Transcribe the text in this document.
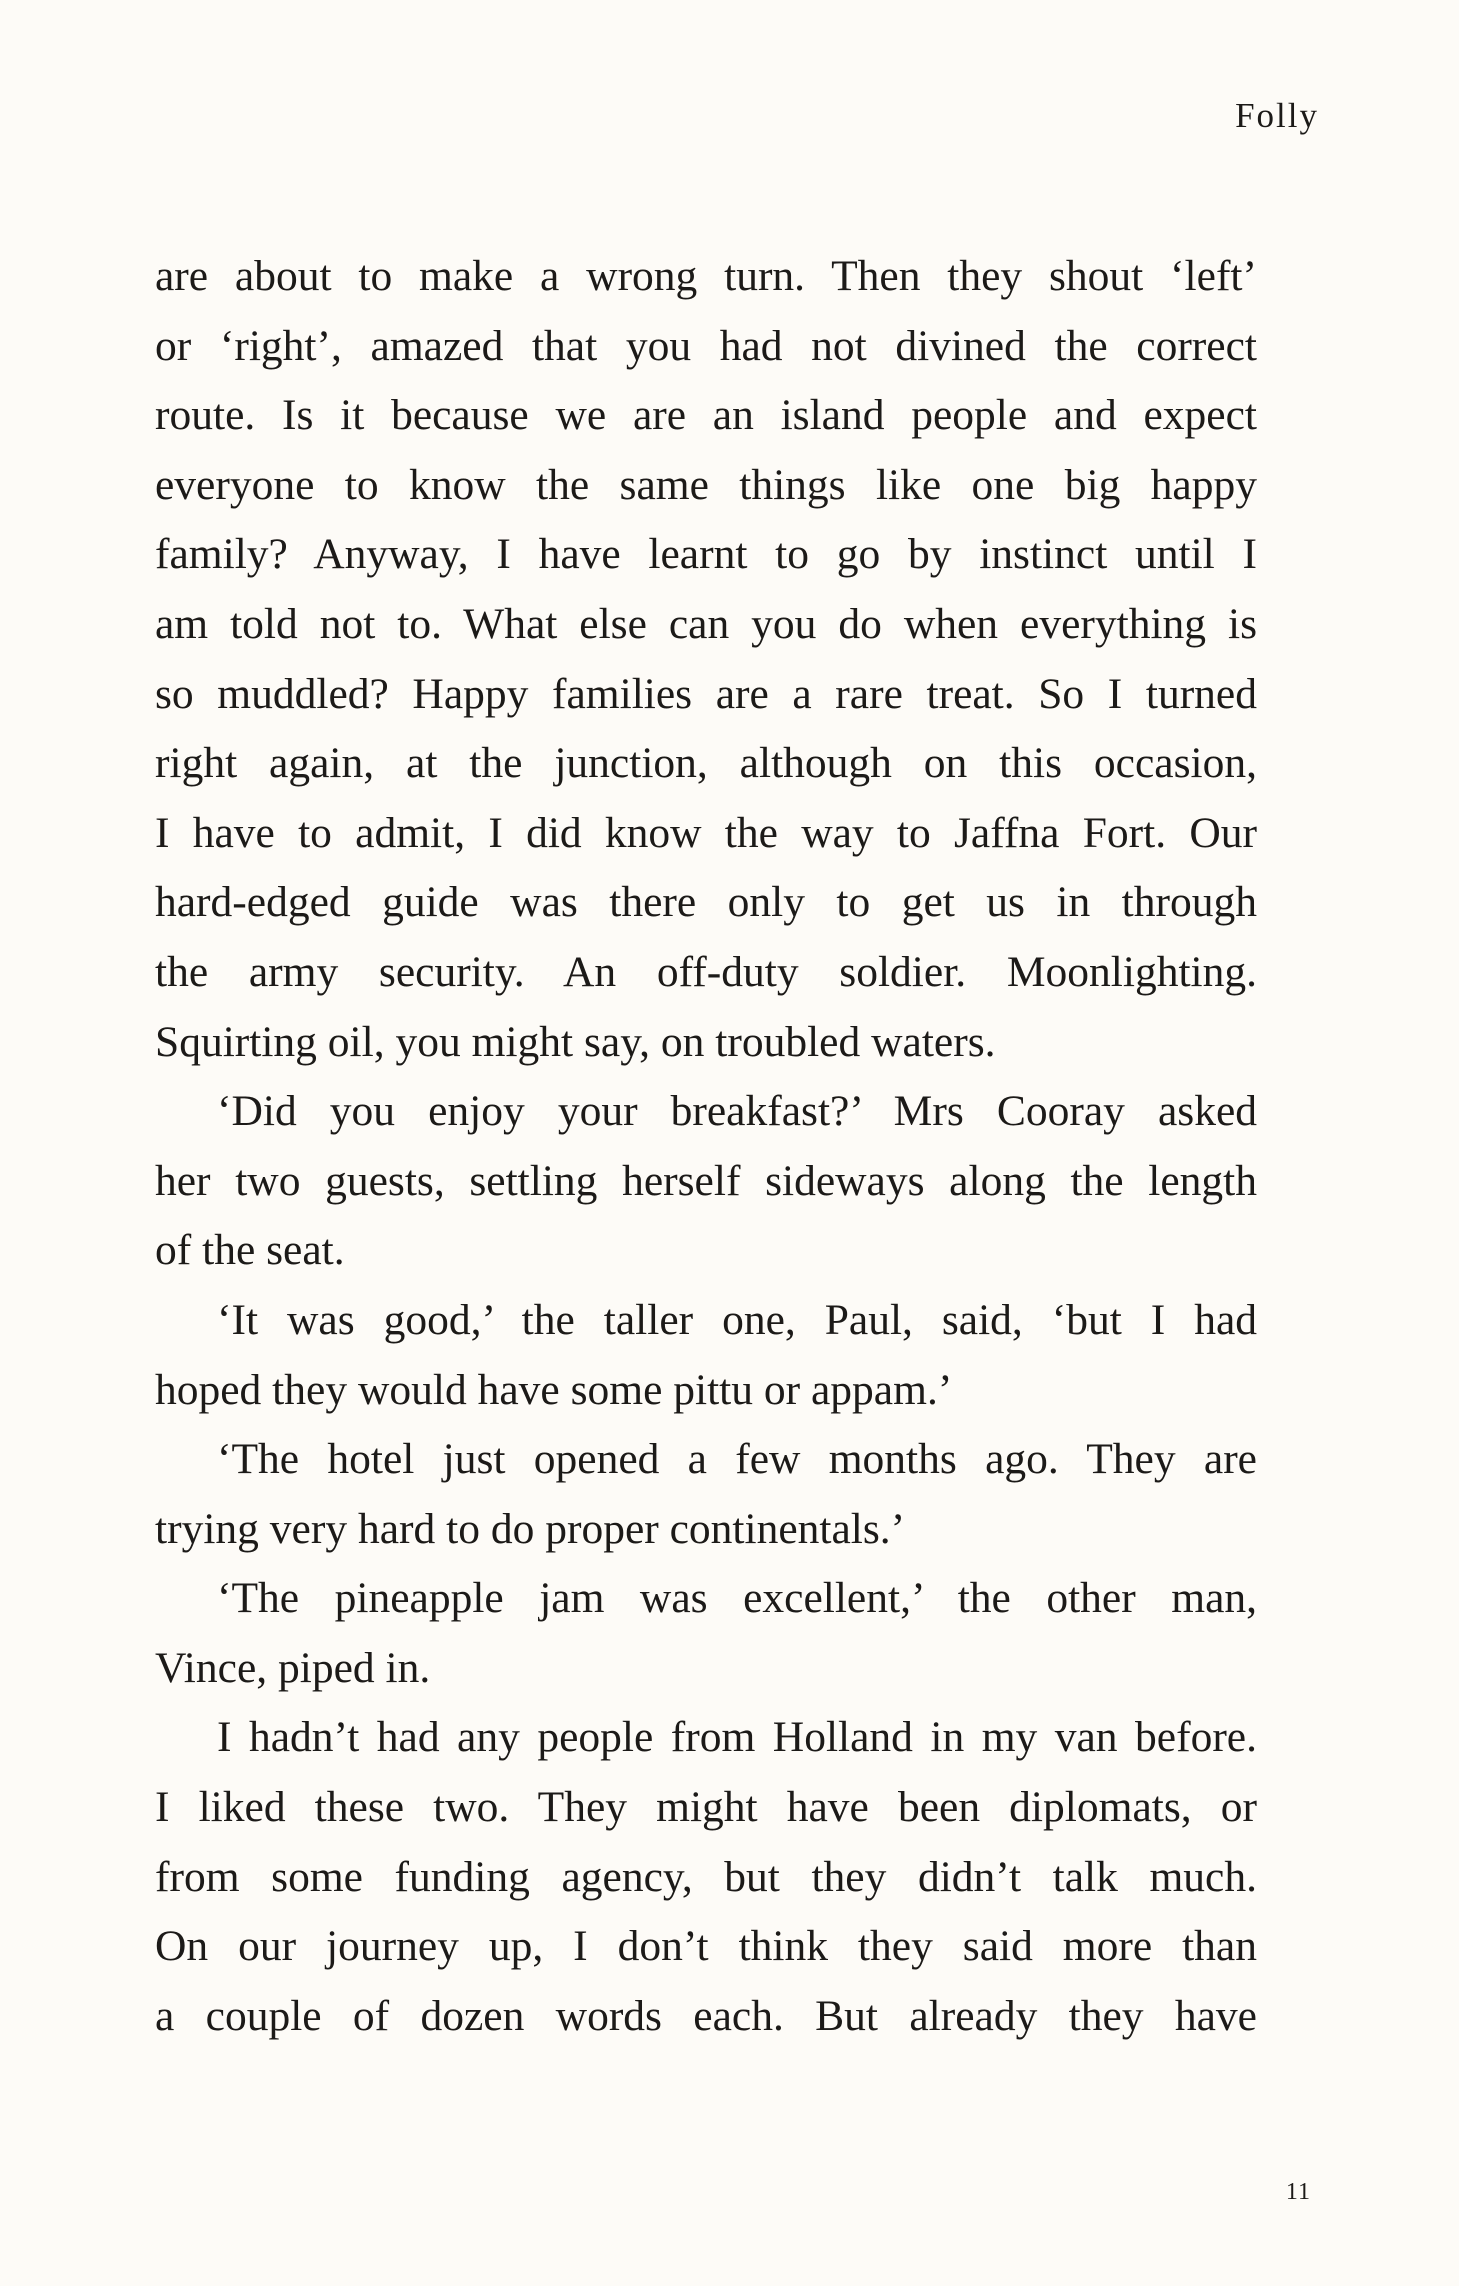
Folly
are about to make a wrong turn. Then they shout ‘left’
or ‘right’, amazed that you had not divined the correct
route. Is it because we are an island people and expect
everyone to know the same things like one big happy
family? Anyway, I have learnt to go by instinct until I
am told not to. What else can you do when everything is
so muddled? Happy families are a rare treat. So I turned
right again, at the junction, although on this occasion,
I have to admit, I did know the way to Jaffna Fort. Our
hard-edged guide was there only to get us in through
the army security. An off-duty soldier. Moonlighting.
Squirting oil, you might say, on troubled waters.
‘Did you enjoy your breakfast?’ Mrs Cooray asked
her two guests, settling herself sideways along the length
of the seat.
‘It was good,’ the taller one, Paul, said, ‘but I had
hoped they would have some pittu or appam.’
‘The hotel just opened a few months ago. They are
trying very hard to do proper continentals.’
‘The pineapple jam was excellent,’ the other man,
Vince, piped in.
I hadn’t had any people from Holland in my van before.
I liked these two. They might have been diplomats, or
from some funding agency, but they didn’t talk much.
On our journey up, I don’t think they said more than
a couple of dozen words each. But already they have
11
